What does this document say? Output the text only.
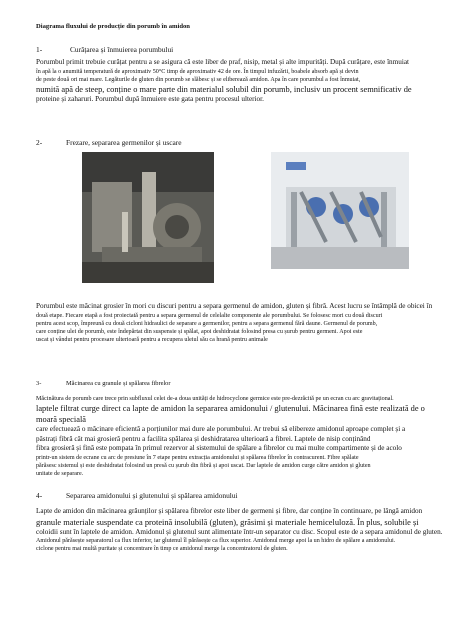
Diagrama fluxului de producție din porumb în amidon
1-	Curățarea și înmuierea porumbului
Porumbul primit trebuie curățat pentru a se asigura că este liber de praf, nisip, metal și alte impurități. După curățare, este înmuiat
în apă la o anumită temperatură de aproximativ 50°C timp de aproximativ 42 de ore. În timpul infuzării, boabele absorb apă și devin
de peste două ori mai mare. Legăturile de gluten din porumb se slăbesc și se eliberează amidon. Apa în care porumbul a fost înmuiat,
numită apă de steep, conține o mare parte din materialul solubil din porumb, inclusiv un procent semnificativ de
proteine și zaharuri. Porumbul după înmuiere este gata pentru procesul ulterior.
2-	Frezare, separarea germenilor și uscare
Porumbul este măcinat grosier în mori cu discuri pentru a separa germenul de amidon, gluten și fibră. Acest lucru se întâmplă de obicei în
două etape. Fiecare etapă a fost proiectată pentru a separa germenul de celelalte componente ale porumbului. Se folosesc mori cu două discuri
pentru acest scop, împreună cu două cicloni hidraulici de separare a germenilor, pentru a separa germenul fără daune. Germenul de porumb,
care conține ulei de porumb, este îndepărtat din suspensie și spălat, apoi deshidratat folosind presa cu șurub pentru germeni. Apoi este
uscat și vândut pentru procesare ulterioară pentru a recupera uleiul său ca hrană pentru animale
3-	Măcinarea cu granule și spălarea fibrelor
Măcinătura de porumb care trece prin subfluxul celei de-a doua unități de hidrocyclone germice este pre-dezrăcită pe un ecran cu arc gravitațional.
laptele filtrat curge direct ca lapte de amidon la separarea amidonului / glutenului. Măcinarea fină este realizată de o moară specială
care efectuează o măcinare eficientă a porțiunilor mai dure ale porumbului. Ar trebui să elibereze amidonul aproape complet și a
păstrați fibră cât mai grosieră pentru a facilita spălarea și deshidratarea ulterioară a fibrei. Laptele de nisip conținând
fibra grosieră și fină este pompata în primul rezervor al sistemului de spălare a fibrelor cu mai multe compartimente și de acolo
printr-un sistem de ecrane cu arc de presiune în 7 etape pentru extracția amidonului și spălarea fibrelor în contracurent. Fibre spălate
părăsesc sistemul și este deshidratat folosind un presă cu șurub din fibră și apoi uscat. Dar laptele de amidon curge către amidon și gluten
unitate de separare.
4-	Separarea amidonului și glutenului și spălarea amidonului
Lapte de amidon din măcinarea grăunților și spălarea fibrelor este liber de germeni și fibre, dar conține în continuare, pe lângă amidon
granule materiale suspendate ca proteină insolubilă (gluten), grăsimi și materiale hemiceluloză. În plus, solubile și
coloidii sunt în laptele de amidon. Amidonul și glutenul sunt alimentate într-un separator cu disc. Scopul este de a separa amidonul de gluten.
Amidonul părăsește separatorul ca flux inferior, iar glutenul îl părăsește ca flux superior. Amidonul merge apoi la un hidro de spălare a amidonului.
ciclone pentru mai multă puritate și concentrare în timp ce amidonul merge la concentratorul de gluten.
